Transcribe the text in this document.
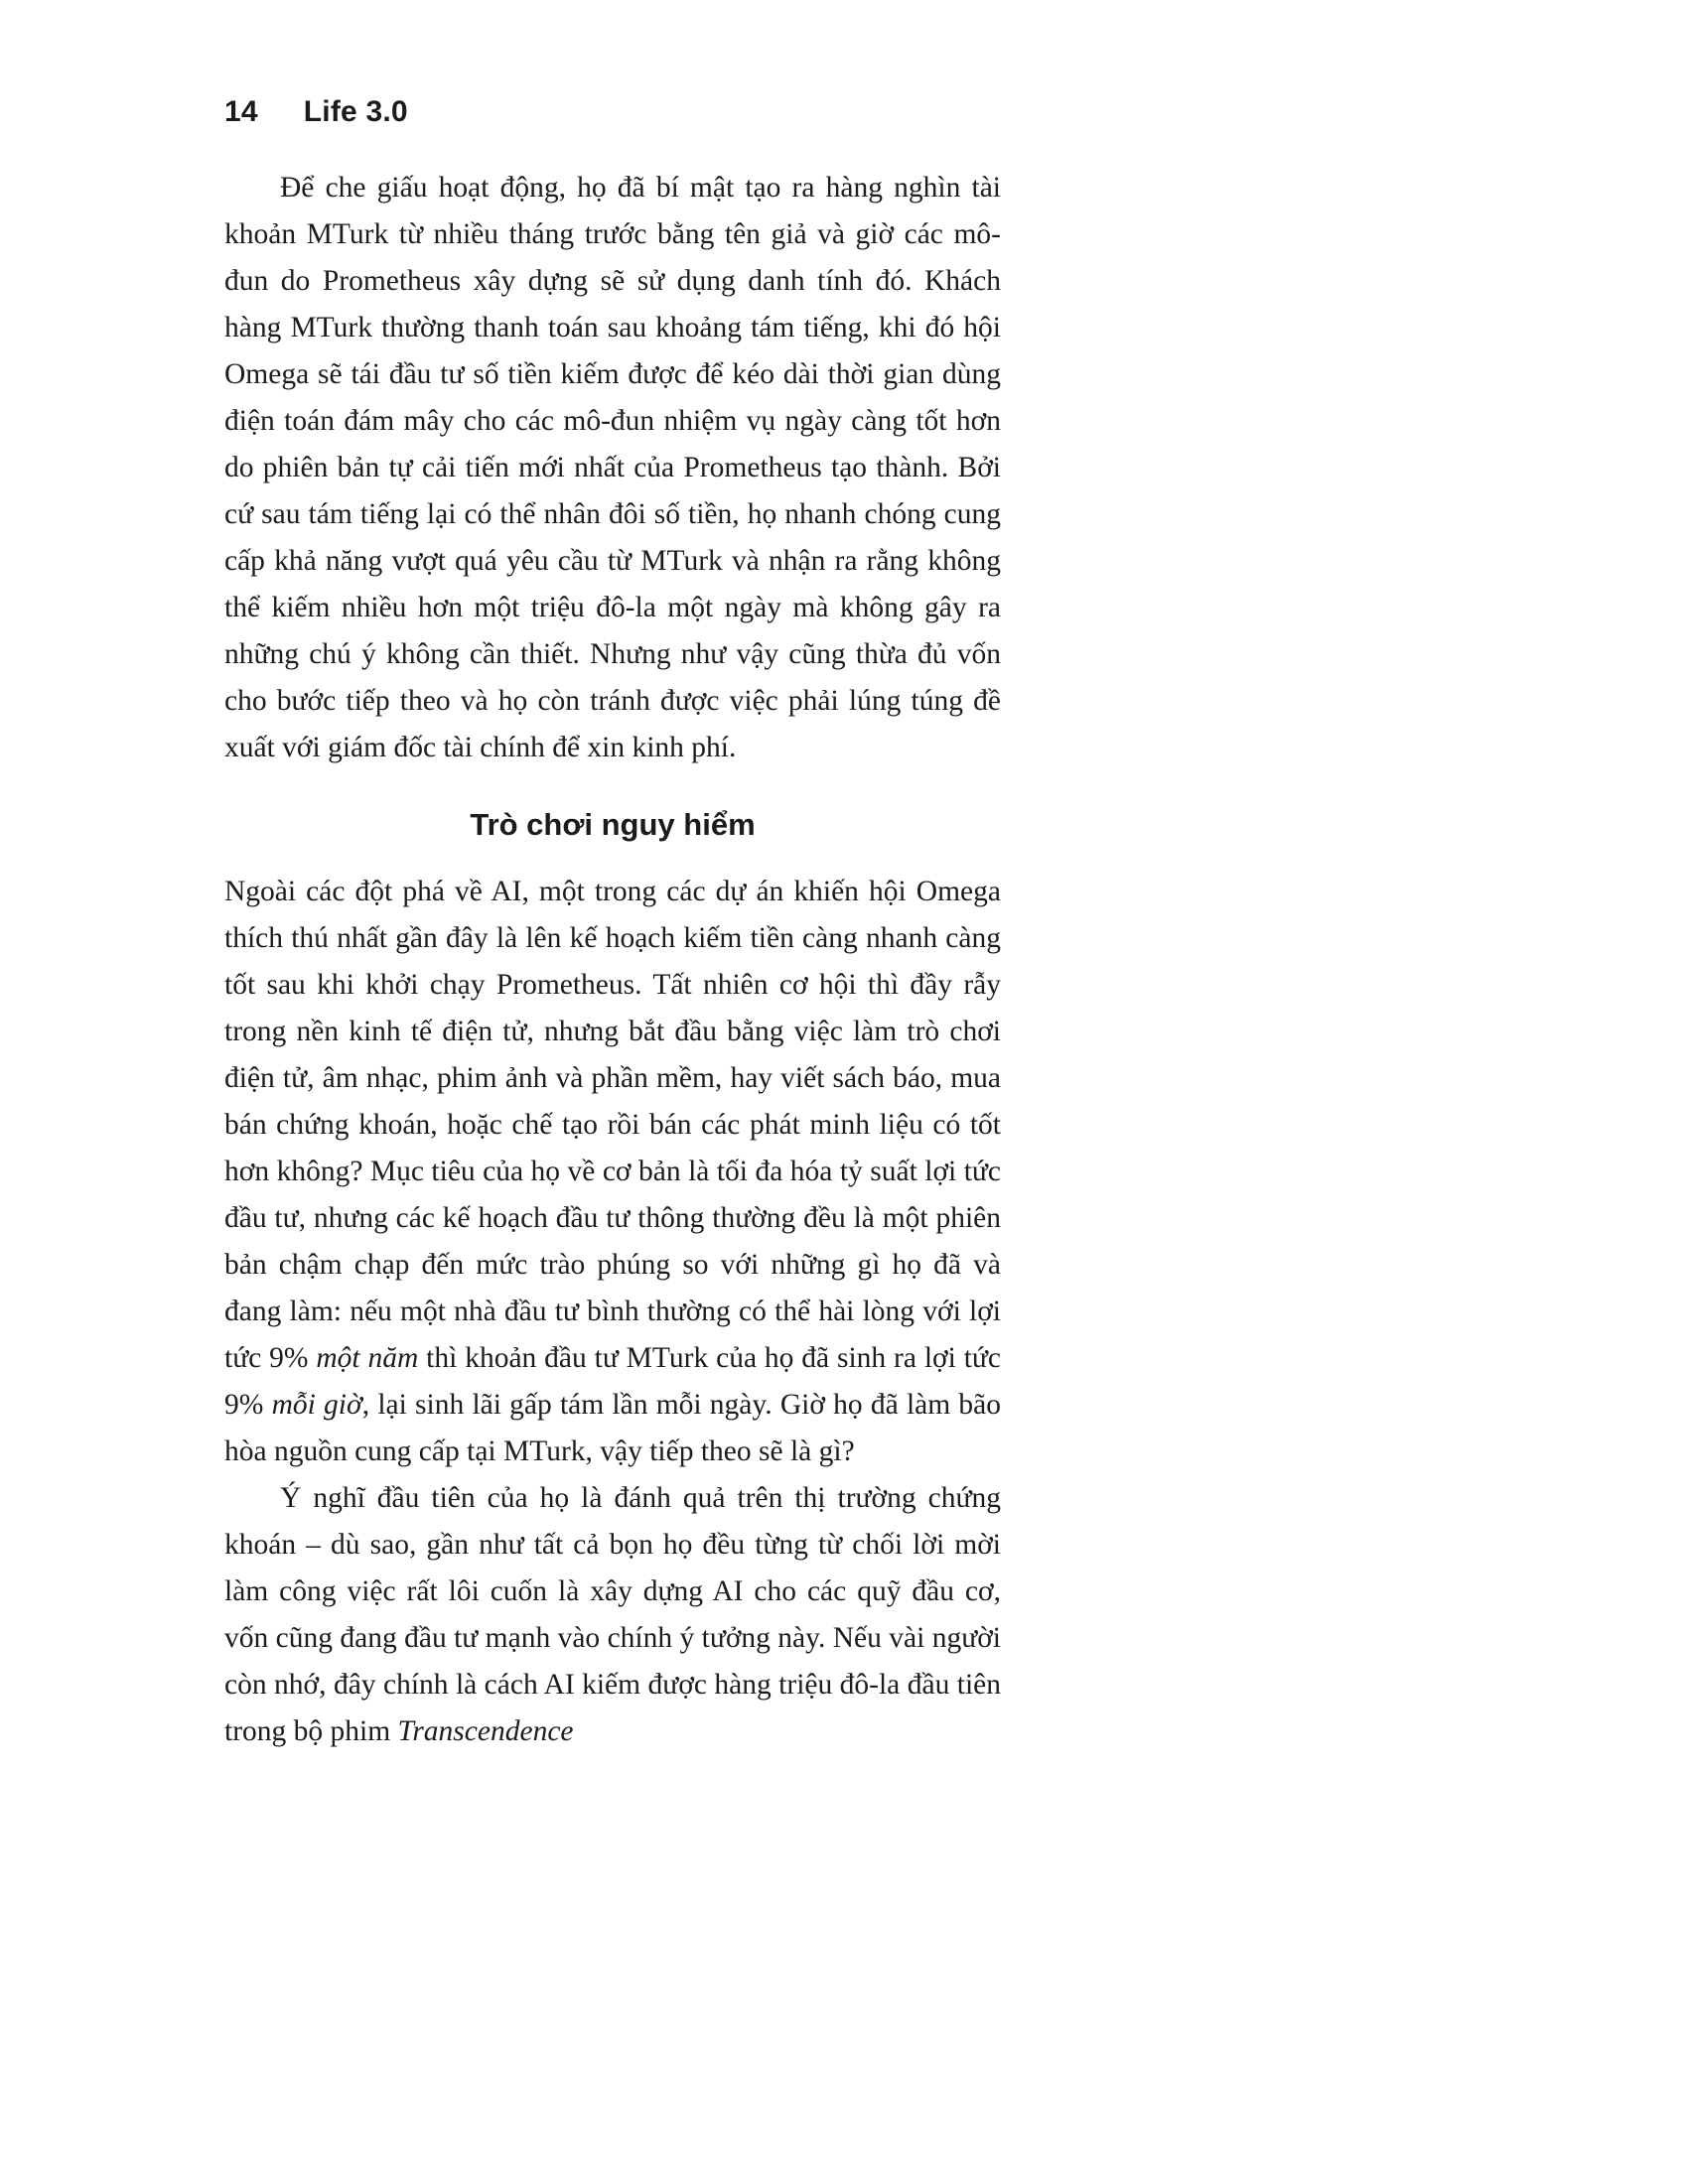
14 Life 3.0

Để che giấu hoạt động, họ đã bí mật tạo ra hàng nghìn tài khoản MTurk từ nhiều tháng trước bằng tên giả và giờ các mô-đun do Prometheus xây dựng sẽ sử dụng danh tính đó. Khách hàng MTurk thường thanh toán sau khoảng tám tiếng, khi đó hội Omega sẽ tái đầu tư số tiền kiếm được để kéo dài thời gian dùng điện toán đám mây cho các mô-đun nhiệm vụ ngày càng tốt hơn do phiên bản tự cải tiến mới nhất của Prometheus tạo thành. Bởi cứ sau tám tiếng lại có thể nhân đôi số tiền, họ nhanh chóng cung cấp khả năng vượt quá yêu cầu từ MTurk và nhận ra rằng không thể kiếm nhiều hơn một triệu đô-la một ngày mà không gây ra những chú ý không cần thiết. Nhưng như vậy cũng thừa đủ vốn cho bước tiếp theo và họ còn tránh được việc phải lúng túng đề xuất với giám đốc tài chính để xin kinh phí.

Trò chơi nguy hiểm

Ngoài các đột phá về AI, một trong các dự án khiến hội Omega thích thú nhất gần đây là lên kế hoạch kiếm tiền càng nhanh càng tốt sau khi khởi chạy Prometheus. Tất nhiên cơ hội thì đầy rẫy trong nền kinh tế điện tử, nhưng bắt đầu bằng việc làm trò chơi điện tử, âm nhạc, phim ảnh và phần mềm, hay viết sách báo, mua bán chứng khoán, hoặc chế tạo rồi bán các phát minh liệu có tốt hơn không? Mục tiêu của họ về cơ bản là tối đa hóa tỷ suất lợi tức đầu tư, nhưng các kế hoạch đầu tư thông thường đều là một phiên bản chậm chạp đến mức trào phúng so với những gì họ đã và đang làm: nếu một nhà đầu tư bình thường có thể hài lòng với lợi tức 9% một năm thì khoản đầu tư MTurk của họ đã sinh ra lợi tức 9% mỗi giờ, lại sinh lãi gấp tám lần mỗi ngày. Giờ họ đã làm bão hòa nguồn cung cấp tại MTurk, vậy tiếp theo sẽ là gì?

Ý nghĩ đầu tiên của họ là đánh quả trên thị trường chứng khoán – dù sao, gần như tất cả bọn họ đều từng từ chối lời mời làm công việc rất lôi cuốn là xây dựng AI cho các quỹ đầu cơ, vốn cũng đang đầu tư mạnh vào chính ý tưởng này. Nếu vài người còn nhớ, đây chính là cách AI kiếm được hàng triệu đô-la đầu tiên trong bộ phim Transcendence
